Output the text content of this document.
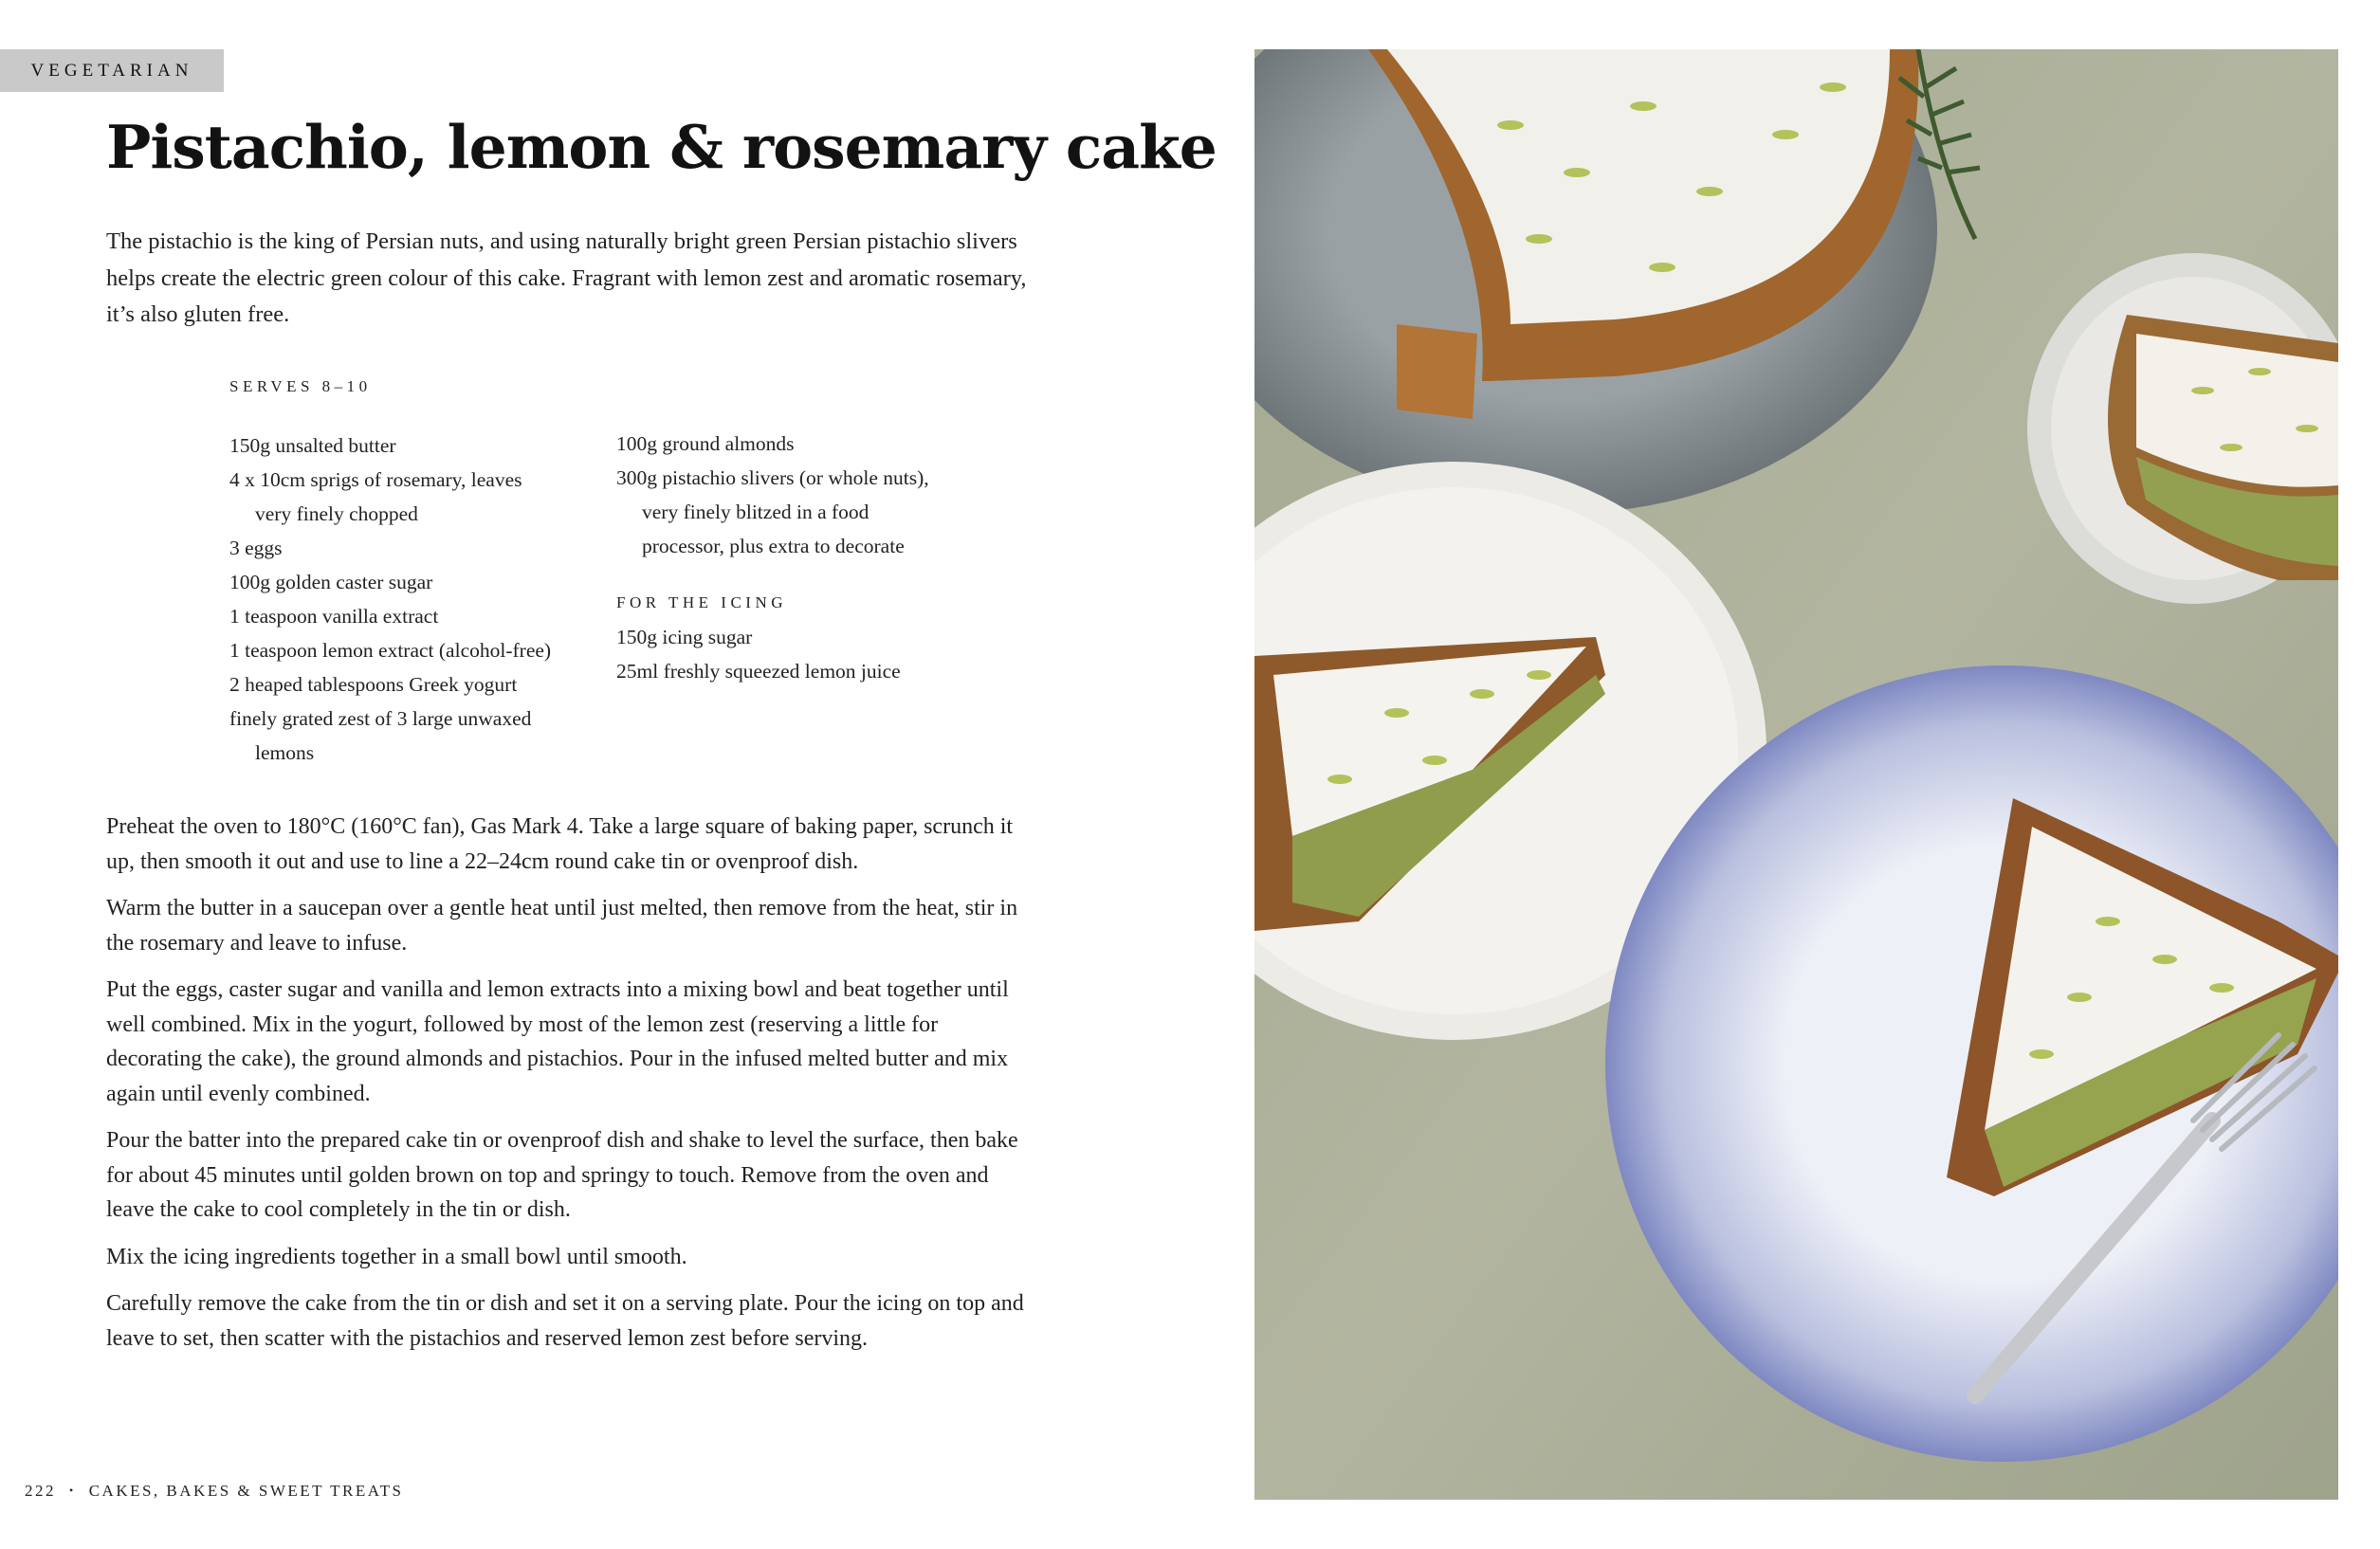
VEGETARIAN
Pistachio, lemon & rosemary cake

The pistachio is the king of Persian nuts, and using naturally bright green Persian pistachio slivers helps create the electric green colour of this cake. Fragrant with lemon zest and aromatic rosemary, it’s also gluten free.

SERVES 8–10
150g unsalted butter
4 x 10cm sprigs of rosemary, leaves
very finely chopped
3 eggs
100g golden caster sugar
1 teaspoon vanilla extract
1 teaspoon lemon extract (alcohol-free)
2 heaped tablespoons Greek yogurt
finely grated zest of 3 large unwaxed
lemons
100g ground almonds
300g pistachio slivers (or whole nuts),
very finely blitzed in a food
processor, plus extra to decorate
FOR THE ICING
150g icing sugar
25ml freshly squeezed lemon juice

Preheat the oven to 180°C (160°C fan), Gas Mark 4. Take a large square of baking paper, scrunch it up, then smooth it out and use to line a 22–24cm round cake tin or ovenproof dish.

Warm the butter in a saucepan over a gentle heat until just melted, then remove from the heat, stir in the rosemary and leave to infuse.

Put the eggs, caster sugar and vanilla and lemon extracts into a mixing bowl and beat together until well combined. Mix in the yogurt, followed by most of the lemon zest (reserving a little for decorating the cake), the ground almonds and pistachios. Pour in the infused melted butter and mix again until evenly combined.

Pour the batter into the prepared cake tin or ovenproof dish and shake to level the surface, then bake for about 45 minutes until golden brown on top and springy to touch. Remove from the oven and leave the cake to cool completely in the tin or dish.

Mix the icing ingredients together in a small bowl until smooth.

Carefully remove the cake from the tin or dish and set it on a serving plate. Pour the icing on top and leave to set, then scatter with the pistachios and reserved lemon zest before serving.

222 • CAKES, BAKES & SWEET TREATS
